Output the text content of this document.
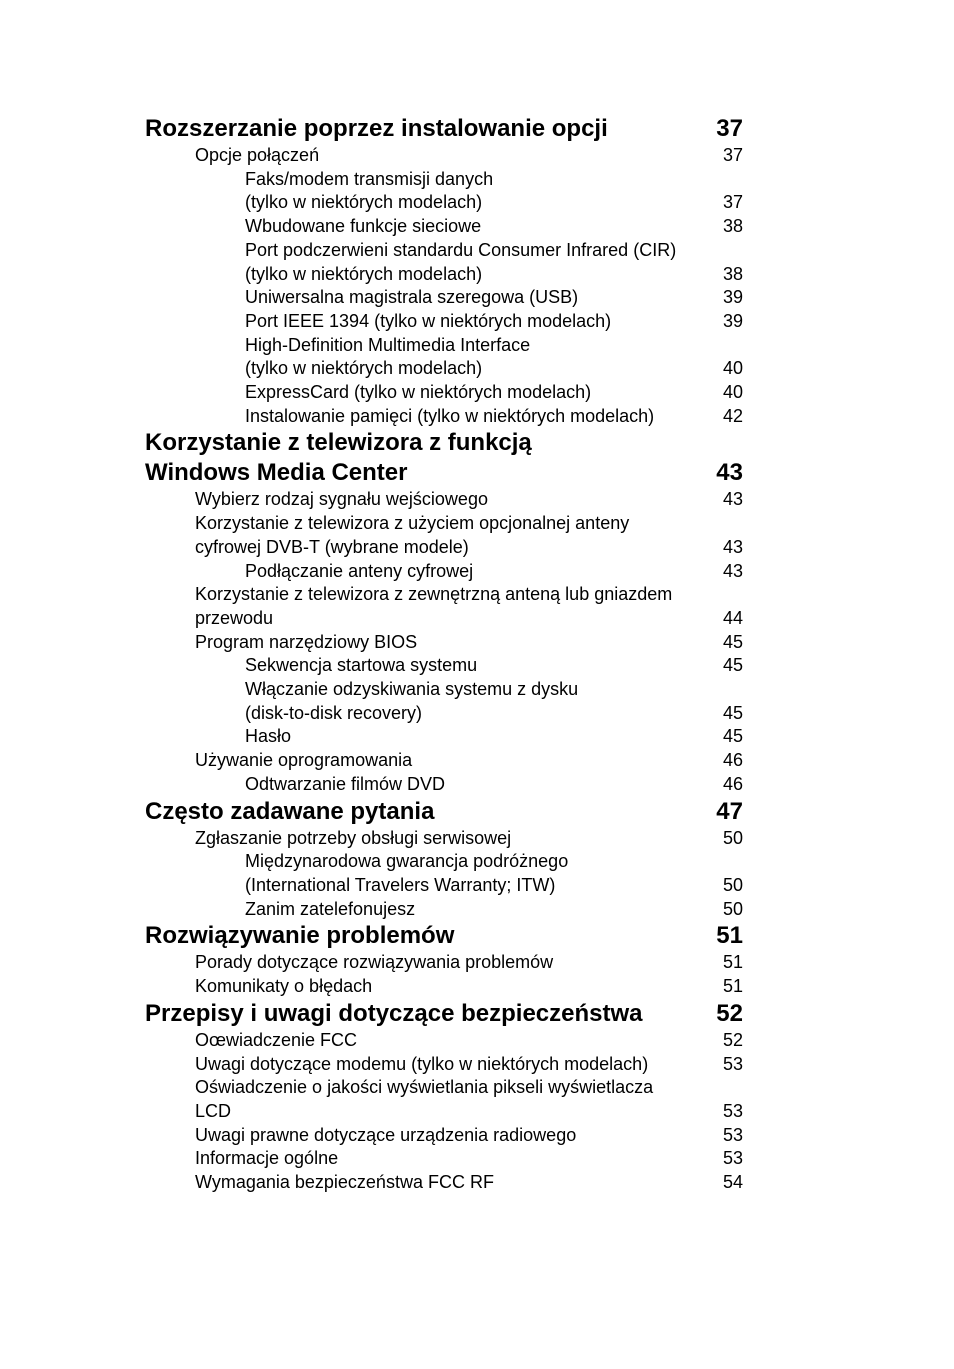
Rozszerzanie poprzez instalowanie opcji	37
Opcje połączeń	37
Faks/modem transmisji danych
(tylko w niektórych modelach)	37
Wbudowane funkcje sieciowe	38
Port podczerwieni standardu Consumer Infrared (CIR)
(tylko w niektórych modelach)	38
Uniwersalna magistrala szeregowa (USB)	39
Port IEEE 1394 (tylko w niektórych modelach)	39
High-Definition Multimedia Interface
(tylko w niektórych modelach)	40
ExpressCard (tylko w niektórych modelach)	40
Instalowanie pamięci (tylko w niektórych modelach)	42
Korzystanie z telewizora z funkcją
Windows Media Center	43
Wybierz rodzaj sygnału wejściowego	43
Korzystanie z telewizora z użyciem opcjonalnej anteny
cyfrowej DVB-T (wybrane modele)	43
Podłączanie anteny cyfrowej	43
Korzystanie z telewizora z zewnętrzną anteną lub gniazdem
przewodu	44
Program narzędziowy BIOS	45
Sekwencja startowa systemu	45
Włączanie odzyskiwania systemu z dysku
(disk-to-disk recovery)	45
Hasło	45
Używanie oprogramowania	46
Odtwarzanie filmów DVD	46
Często zadawane pytania	47
Zgłaszanie potrzeby obsługi serwisowej	50
Międzynarodowa gwarancja podróżnego
(International Travelers Warranty; ITW)	50
Zanim zatelefonujesz	50
Rozwiązywanie problemów	51
Porady dotyczące rozwiązywania problemów	51
Komunikaty o błędach	51
Przepisy i uwagi dotyczące bezpieczeństwa	52
Oœwiadczenie FCC	52
Uwagi dotyczące modemu (tylko w niektórych modelach)	53
Oświadczenie o jakości wyświetlania pikseli wyświetlacza
LCD	53
Uwagi prawne dotyczące urządzenia radiowego	53
Informacje ogólne	53
Wymagania bezpieczeństwa FCC RF	54
